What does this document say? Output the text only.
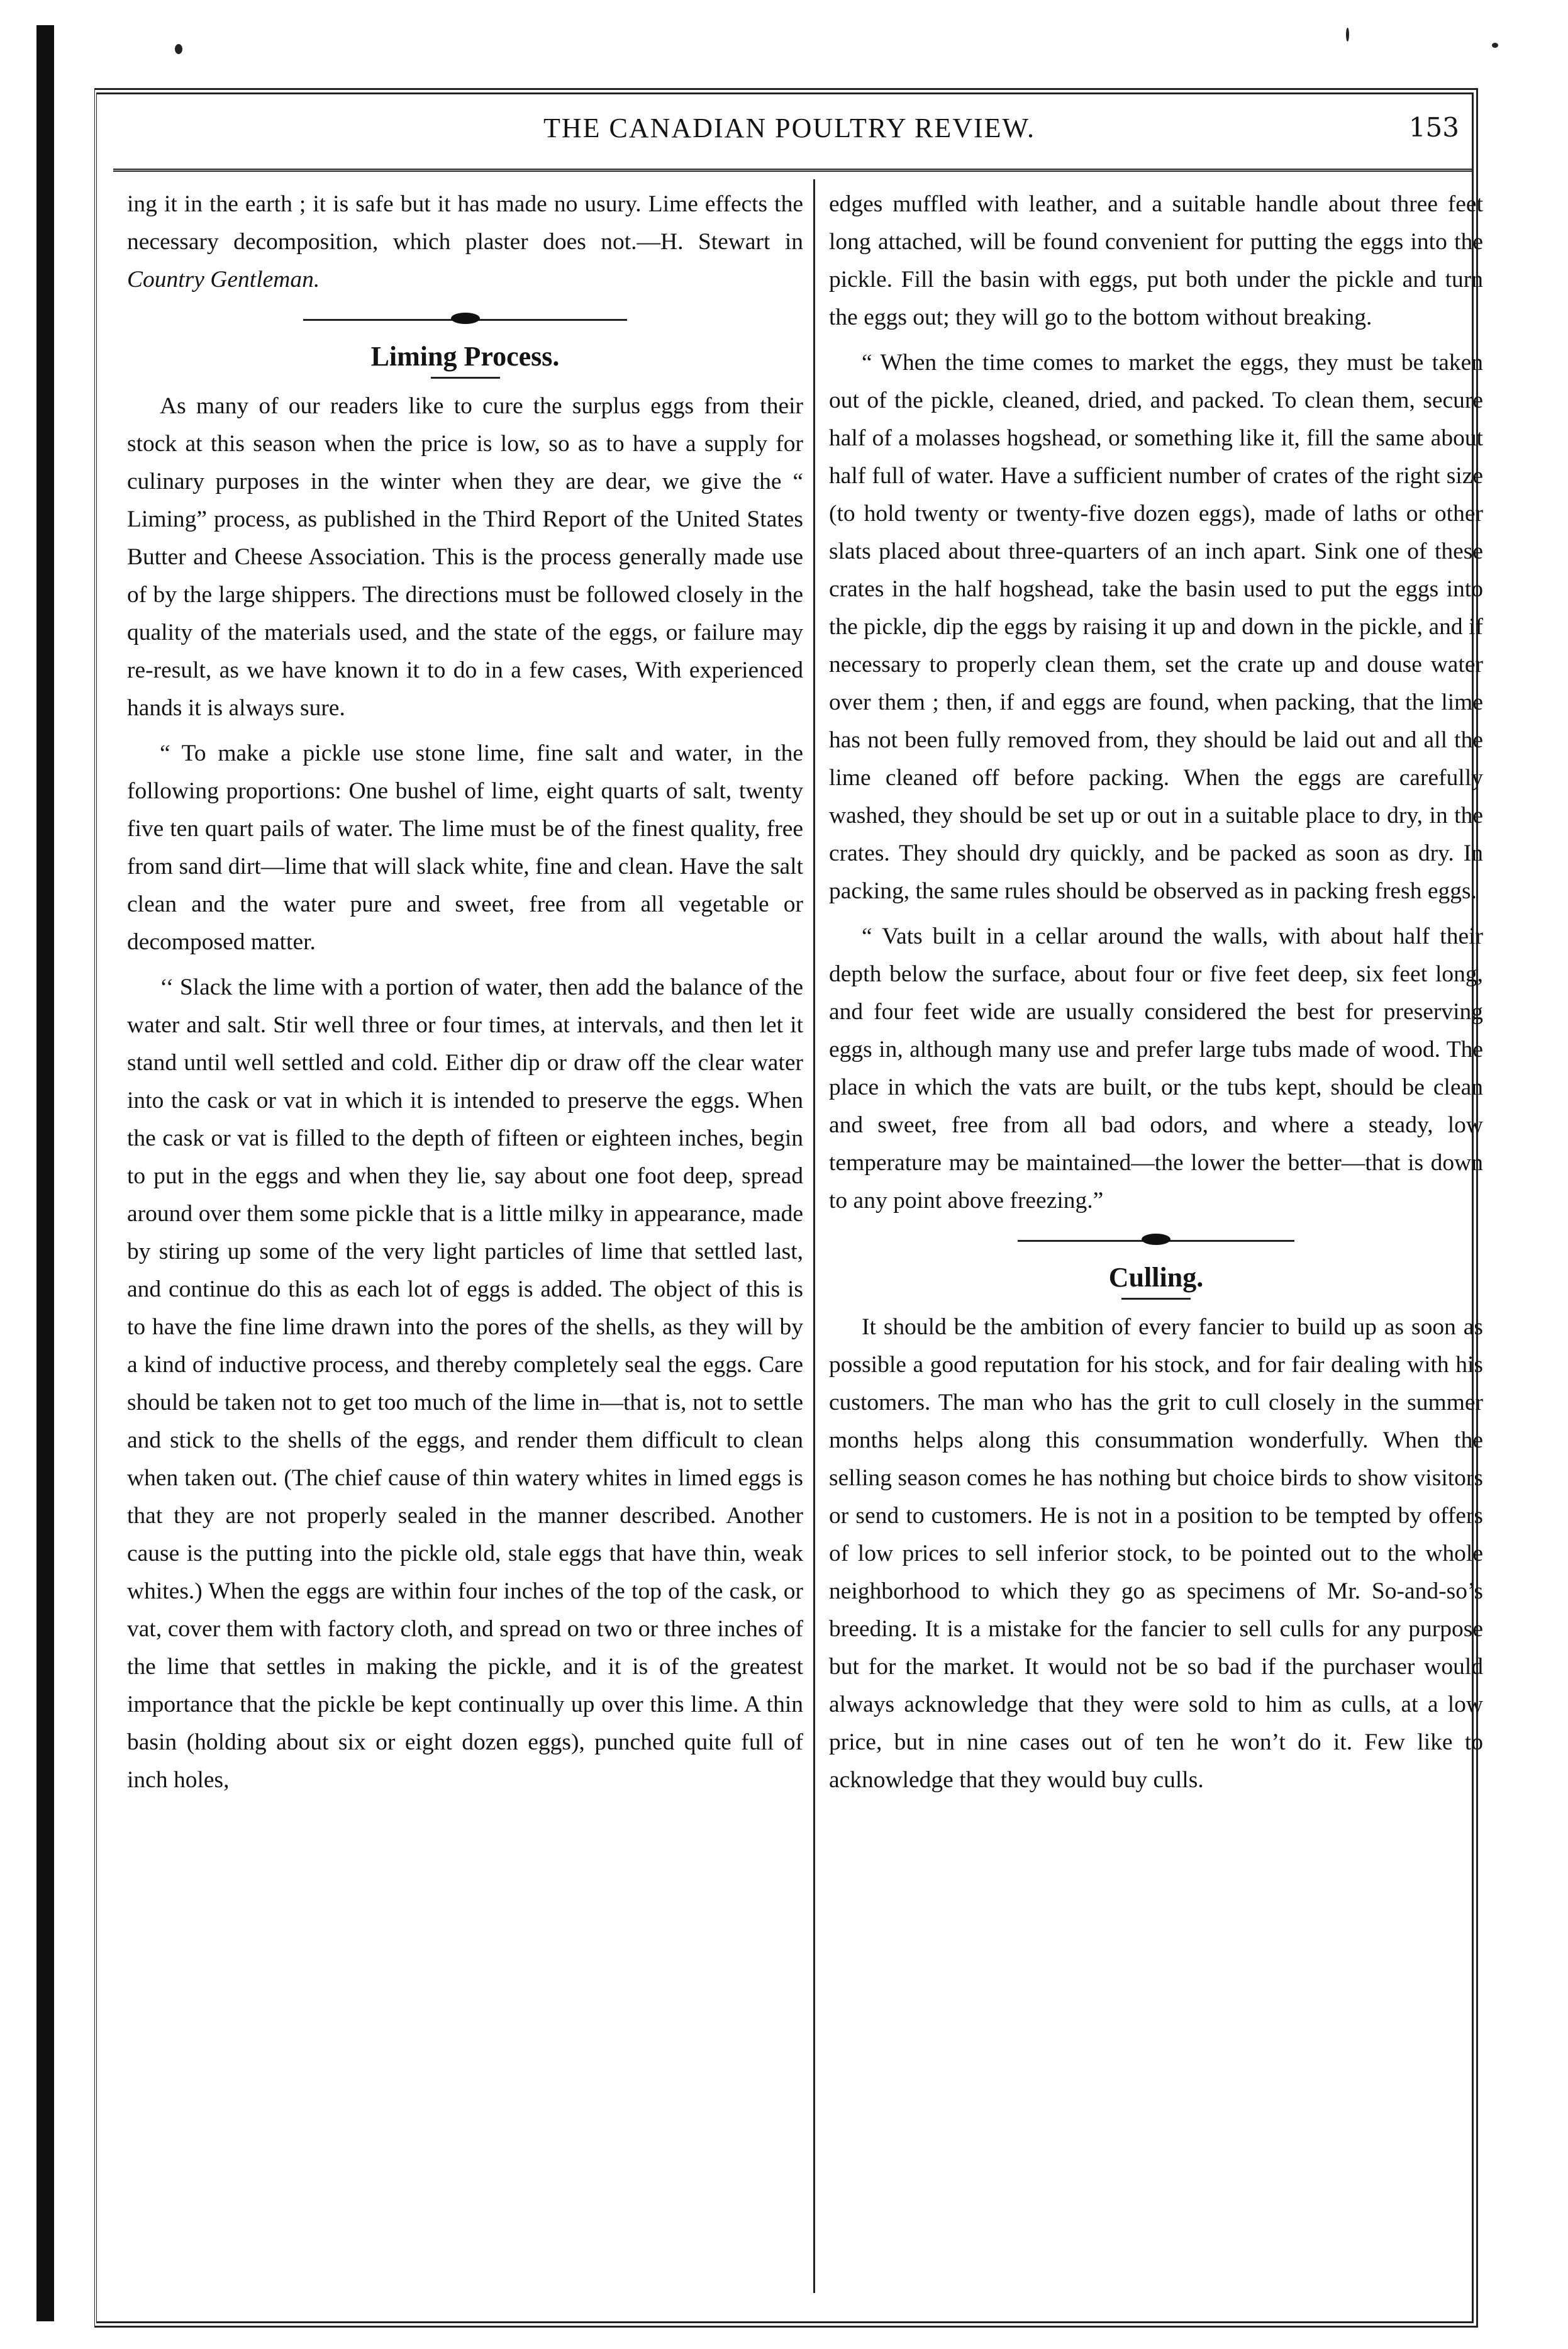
THE CANADIAN POULTRY REVIEW.	153

ing it in the earth ; it is safe but it has made no usury. Lime effects the necessary decomposition, which plaster does not.—H. Stewart in Country Gentleman.

Liming Process.

As many of our readers like to cure the surplus eggs from their stock at this season when the price is low, so as to have a supply for culinary purposes in the winter when they are dear, we give the “ Liming” process, as published in the Third Report of the United States Butter and Cheese Association. This is the process generally made use of by the large shippers. The directions must be followed closely in the quality of the materials used, and the state of the eggs, or failure may re-result, as we have known it to do in a few cases, With experienced hands it is always sure.

“ To make a pickle use stone lime, fine salt and water, in the following proportions: One bushel of lime, eight quarts of salt, twenty five ten quart pails of water. The lime must be of the finest quality, free from sand dirt—lime that will slack white, fine and clean. Have the salt clean and the water pure and sweet, free from all vegetable or decomposed matter.

‘‘ Slack the lime with a portion of water, then add the balance of the water and salt. Stir well three or four times, at intervals, and then let it stand until well settled and cold. Either dip or draw off the clear water into the cask or vat in which it is intended to preserve the eggs. When the cask or vat is filled to the depth of fifteen or eighteen inches, begin to put in the eggs and when they lie, say about one foot deep, spread around over them some pickle that is a little milky in appearance, made by stiring up some of the very light particles of lime that settled last, and continue do this as each lot of eggs is added. The object of this is to have the fine lime drawn into the pores of the shells, as they will by a kind of inductive process, and thereby completely seal the eggs. Care should be taken not to get too much of the lime in—that is, not to settle and stick to the shells of the eggs, and render them difficult to clean when taken out. (The chief cause of thin watery whites in limed eggs is that they are not properly sealed in the manner described. Another cause is the putting into the pickle old, stale eggs that have thin, weak whites.) When the eggs are within four inches of the top of the cask, or vat, cover them with factory cloth, and spread on two or three inches of the lime that settles in making the pickle, and it is of the greatest importance that the pickle be kept continually up over this lime. A thin basin (holding about six or eight dozen eggs), punched quite full of inch holes,

edges muffled with leather, and a suitable handle about three feet long attached, will be found convenient for putting the eggs into the pickle. Fill the basin with eggs, put both under the pickle and turn the eggs out; they will go to the bottom without breaking.

“ When the time comes to market the eggs, they must be taken out of the pickle, cleaned, dried, and packed. To clean them, secure half of a molasses hogshead, or something like it, fill the same about half full of water. Have a sufficient number of crates of the right size (to hold twenty or twenty-five dozen eggs), made of laths or other slats placed about three-quarters of an inch apart. Sink one of these crates in the half hogshead, take the basin used to put the eggs into the pickle, dip the eggs by raising it up and down in the pickle, and if necessary to properly clean them, set the crate up and douse water over them ; then, if and eggs are found, when packing, that the lime has not been fully removed from, they should be laid out and all the lime cleaned off before packing. When the eggs are carefully washed, they should be set up or out in a suitable place to dry, in the crates. They should dry quickly, and be packed as soon as dry. In packing, the same rules should be observed as in packing fresh eggs.

“ Vats built in a cellar around the walls, with about half their depth below the surface, about four or five feet deep, six feet long, and four feet wide are usually considered the best for preserving eggs in, although many use and prefer large tubs made of wood. The place in which the vats are built, or the tubs kept, should be clean and sweet, free from all bad odors, and where a steady, low temperature may be maintained—the lower the better—that is down to any point above freezing.”

Culling.

It should be the ambition of every fancier to build up as soon as possible a good reputation for his stock, and for fair dealing with his customers. The man who has the grit to cull closely in the summer months helps along this consummation wonderfully. When the selling season comes he has nothing but choice birds to show visitors or send to customers. He is not in a position to be tempted by offers of low prices to sell inferior stock, to be pointed out to the whole neighborhood to which they go as specimens of Mr. So-and-so’s breeding. It is a mistake for the fancier to sell culls for any purpose but for the market. It would not be so bad if the purchaser would always acknowledge that they were sold to him as culls, at a low price, but in nine cases out of ten he won’t do it. Few like to acknowledge that they would buy culls.
